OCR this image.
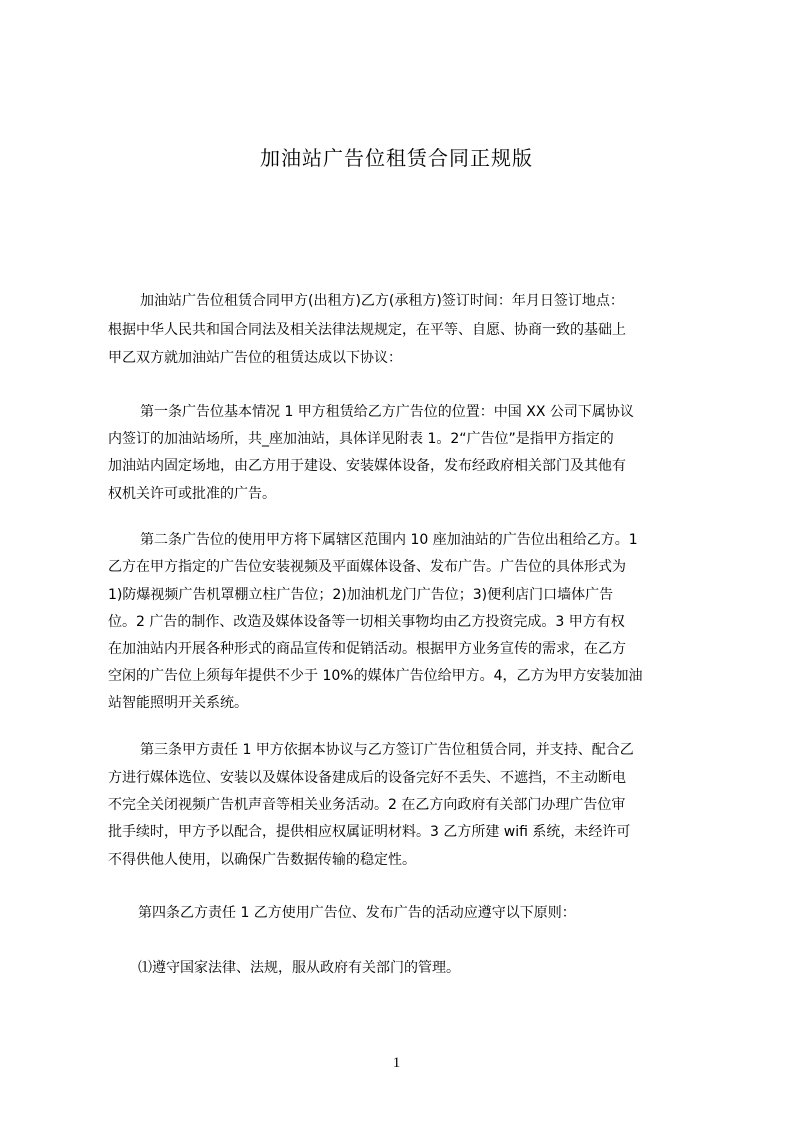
加油站广告位租赁合同正规版
加油站广告位租赁合同甲方(出租方)乙方(承租方)签订时间：年月日签订地点：
根据中华人民共和国合同法及相关法律法规规定，在平等、自愿、协商一致的基础上
甲乙双方就加油站广告位的租赁达成以下协议：
第一条广告位基本情况 1 甲方租赁给乙方广告位的位置：中国 XX 公司下属协议
内签订的加油站场所，共_座加油站，具体详见附表 1。2“广告位”是指甲方指定的
加油站内固定场地，由乙方用于建设、安装媒体设备，发布经政府相关部门及其他有
权机关许可或批准的广告。
第二条广告位的使用甲方将下属辖区范围内 10 座加油站的广告位出租给乙方。1
乙方在甲方指定的广告位安装视频及平面媒体设备、发布广告。广告位的具体形式为
1)防爆视频广告机罩棚立柱广告位；2)加油机龙门广告位；3)便利店门口墙体广告
位。2 广告的制作、改造及媒体设备等一切相关事物均由乙方投资完成。3 甲方有权
在加油站内开展各种形式的商品宣传和促销活动。根据甲方业务宣传的需求，在乙方
空闲的广告位上须每年提供不少于 10%的媒体广告位给甲方。4，乙方为甲方安装加油
站智能照明开关系统。
第三条甲方责任 1 甲方依据本协议与乙方签订广告位租赁合同，并支持、配合乙
方进行媒体选位、安装以及媒体设备建成后的设备完好不丢失、不遮挡，不主动断电
不完全关闭视频广告机声音等相关业务活动。2 在乙方向政府有关部门办理广告位审
批手续时，甲方予以配合，提供相应权属证明材料。3 乙方所建 wifi 系统，未经许可
不得供他人使用，以确保广告数据传输的稳定性。
第四条乙方责任 1 乙方使用广告位、发布广告的活动应遵守以下原则：
⑴遵守国家法律、法规，服从政府有关部门的管理。
1
